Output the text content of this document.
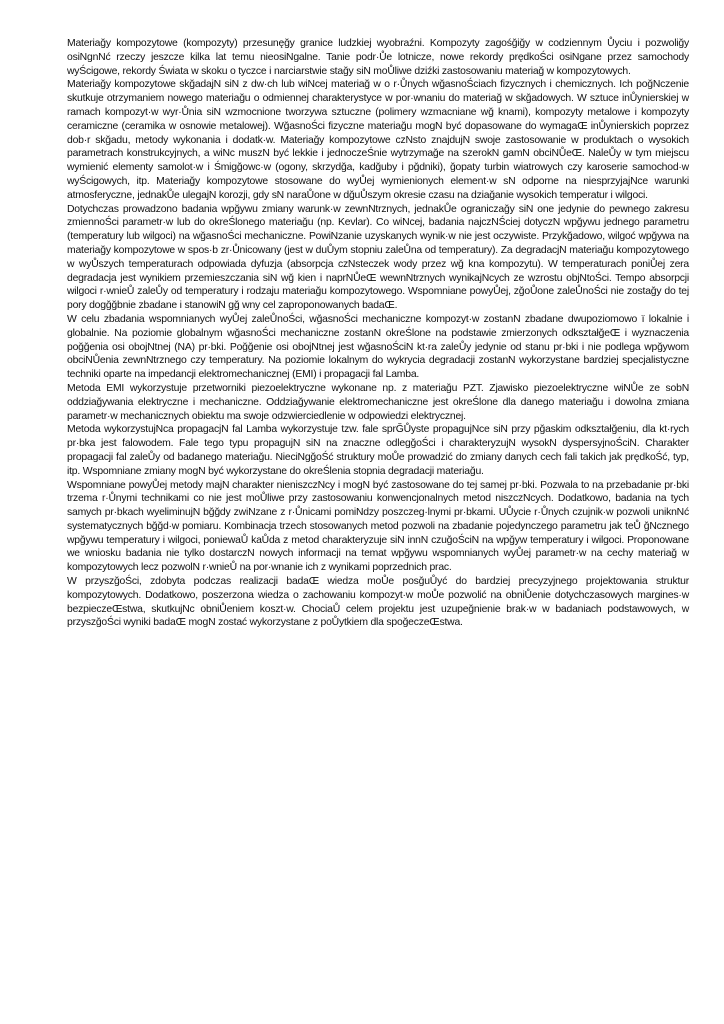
Materiağy kompozytowe (kompozyty) przesunęğy granice ludzkiej wyobraźni. Kompozyty zagośğiğy w codziennym Ůyciu i pozwoliğy osiNgnNć rzeczy jeszcze kilka lat temu nieosiNgalne. Tanie podr·Ůe lotnicze, nowe rekordy prędkoŚci osiNgane przez samochody wyŚcigowe, rekordy Świata w skoku o tyczce i narciarstwie stağy siN moŮliwe dziźki zastosowaniu materiağ w kompozytowych.

Materiağy kompozytowe skğadajN siN z dw·ch lub wiNcej materiağ w o r·Ůnych wğasnoŚciach fizycznych i chemicznych. Ich poğNczenie skutkuje otrzymaniem nowego materiağu o odmiennej charakterystyce w por·wnaniu do materiağ w skğadowych. W sztuce inŮynierskiej w ramach kompozyt·w wyr·Ůnia siN wzmocnione tworzywa sztuczne (polimery wzmacniane wğ knami), kompozyty metalowe i kompozyty ceramiczne (ceramika w osnowie metalowej). WğasnoŚci fizyczne materiağu mogN być dopasowane do wymagaŒ inŮynierskich poprzez dob·r skğadu, metody wykonania i dodatk·w. Materiağy kompozytowe czNsto znajdujN swoje zastosowanie w produktach o wysokich parametrach konstrukcyjnych, a wiNc muszN być lekkie i jednoczeŚnie wytrzymağe na szerokN gamN obciNŮeŒ. NaleŮy w tym miejscu wymienić elementy samolot·w i Śmigğowc·w (ogony, skrzydğa, kadğuby i pğdniki), ğopaty turbin wiatrowych czy karoserie samochod·w wyŚcigowych, itp. Materiağy kompozytowe stosowane do wyŮej wymienionych element·w sN odporne na niesprzyjajNce warunki atmosferyczne, jednakŮe ulegajN korozji, gdy sN naraŮone w dğuŮszym okresie czasu na dziağanie wysokich temperatur i wilgoci.

Dotychczas prowadzono badania wpğywu zmiany warunk·w zewnNtrznych, jednakŮe ograniczağy siN one jedynie do pewnego zakresu zmiennoŚci parametr·w lub do okreŚlonego materiağu (np. Kevlar). Co wiNcej, badania najczNŚciej dotyczN wpğywu jednego parametru (temperatury lub wilgoci) na wğasnoŚci mechaniczne. PowiNzanie uzyskanych wynik·w nie jest oczywiste. Przykğadowo, wilgoć wpğywa na materiağy kompozytowe w spos·b zr·Ůnicowany (jest w duŮym stopniu zaleŮna od temperatury). Za degradacjN materiağu kompozytowego w wyŮszych temperaturach odpowiada dyfuzja (absorpcja czNsteczek wody przez wğ kna kompozytu). W temperaturach poniŮej zera degradacja jest wynikiem przemieszczania siN wğ kien i naprNŮeŒ wewnNtrznych wynikajNcych ze wzrostu objNtoŚci. Tempo absorpcji wilgoci r·wnieŮ zaleŮy od temperatury i rodzaju materiağu kompozytowego. Wspomniane powyŮej, zğoŮone zaleŮnoŚci nie zostağy do tej pory dogğğbnie zbadane i stanowiN gğ wny cel zaproponowanych badaŒ.

W celu zbadania wspomnianych wyŮej zaleŮnoŚci, wğasnoŚci mechaniczne kompozyt·w zostanN zbadane dwupoziomowo ï lokalnie i globalnie. Na poziomie globalnym wğasnoŚci mechaniczne zostanN okreŚlone na podstawie zmierzonych odkształğeŒ i wyznaczenia poğğenia osi obojNtnej (NA) pr·bki. Poğğenie osi obojNtnej jest wğasnoŚciN kt·ra zaleŮy jedynie od stanu pr·bki i nie podlega wpğywom obciNŮenia zewnNtrznego czy temperatury. Na poziomie lokalnym do wykrycia degradacji zostanN wykorzystane bardziej specjalistyczne techniki oparte na impedancji elektromechanicznej (EMI) i propagacji fal Lamba.

Metoda EMI wykorzystuje przetworniki piezoelektryczne wykonane np. z materiağu PZT. Zjawisko piezoelektryczne wiNŮe ze sobN oddziağywania elektryczne i mechaniczne. Oddziağywanie elektromechaniczne jest okreŚlone dla danego materiağu i dowolna zmiana parametr·w mechanicznych obiektu ma swoje odzwierciedlenie w odpowiedzi elektrycznej.

Metoda wykorzystujNca propagacjN fal Lamba wykorzystuje tzw. fale sprĞŮyste propagujNce siN przy pğaskim odkształğeniu, dla kt·rych pr·bka jest falowodem. Fale tego typu propagujN siN na znaczne odlegğoŚci i charakteryzujN wysokN dyspersyjnoŚciN. Charakter propagacji fal zaleŮy od badanego materiağu. NieciNgğoŚć struktury moŮe prowadzić do zmiany danych cech fali takich jak prędkoŚć, typ, itp. Wspomniane zmiany mogN być wykorzystane do okreŚlenia stopnia degradacji materiağu.

Wspomniane powyŮej metody majN charakter nieniszczNcy i mogN być zastosowane do tej samej pr·bki. Pozwala to na przebadanie pr·bki trzema r·Ůnymi technikami co nie jest moŮliwe przy zastosowaniu konwencjonalnych metod niszczNcych. Dodatkowo, badania na tych samych pr·bkach wyeliminujN bğğdy zwiNzane z r·Ůnicami pomiNdzy poszczeg·lnymi pr·bkami. UŮycie r·Ůnych czujnik·w pozwoli uniknNć systematycznych bğğd·w pomiaru. Kombinacja trzech stosowanych metod pozwoli na zbadanie pojedynczego parametru jak teŮ ğNcznego wpğywu temperatury i wilgoci, poniewaŮ kaŮda z metod charakteryzuje siN innN czuğoŚciN na wpğyw temperatury i wilgoci. Proponowane we wniosku badania nie tylko dostarczN nowych informacji na temat wpğywu wspomnianych wyŮej parametr·w na cechy materiağ w kompozytowych lecz pozwolN r·wnieŮ na por·wnanie ich z wynikami poprzednich prac.

W przyszğoŚci, zdobyta podczas realizacji badaŒ wiedza moŮe posğuŮyć do bardziej precyzyjnego projektowania struktur kompozytowych. Dodatkowo, poszerzona wiedza o zachowaniu kompozyt·w moŮe pozwolić na obniŮenie dotychczasowych margines·w bezpieczeŒstwa, skutkujNc obniŮeniem koszt·w. ChociaŮ celem projektu jest uzupeğnienie brak·w w badaniach podstawowych, w przyszğoŚci wyniki badaŒ mogN zostać wykorzystane z poŮytkiem dla spoğeczeŒstwa.
